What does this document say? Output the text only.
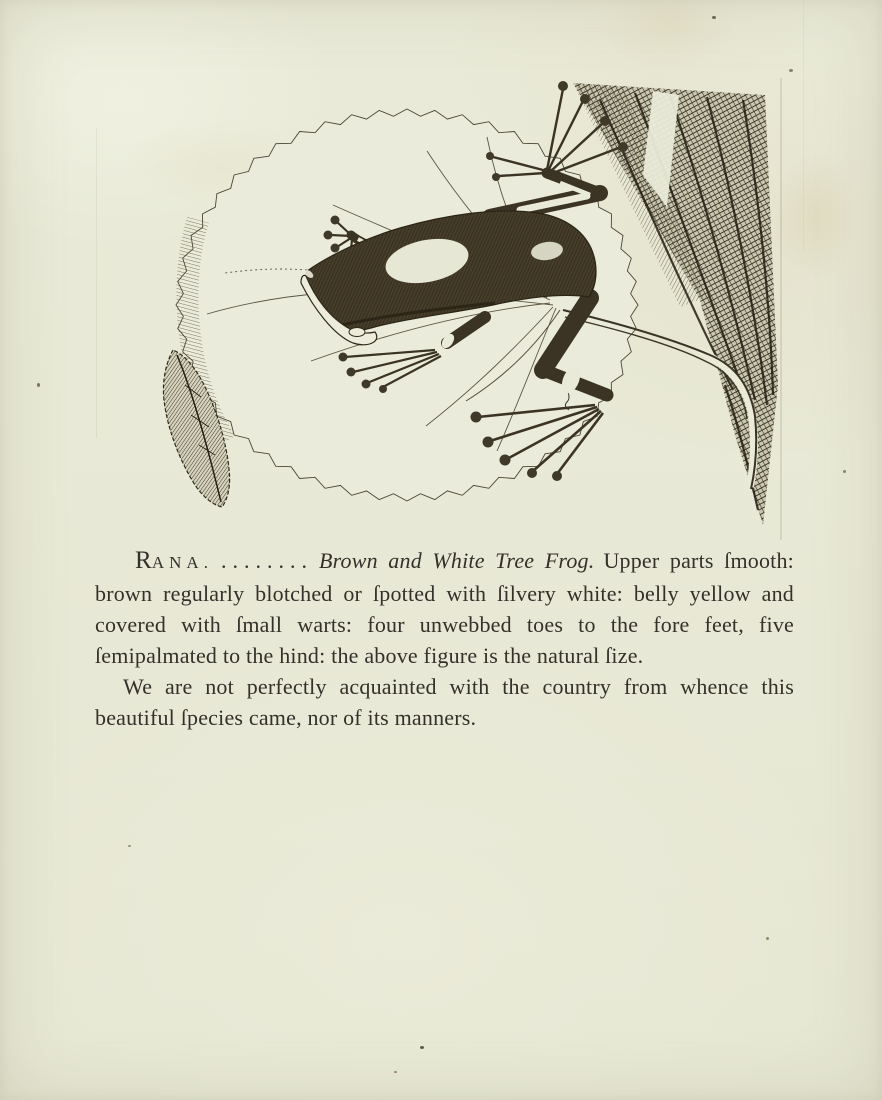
RANA. ........ Brown and White Tree Frog. Upper parts ſmooth: brown regularly blotched or ſpotted with ſilvery white: belly yellow and covered with ſmall warts: four unwebbed toes to the fore feet, five ſemipalmated to the hind: the above figure is the natural ſize.

We are not perfectly acquainted with the country from whence this beautiful ſpecies came, nor of its manners.
